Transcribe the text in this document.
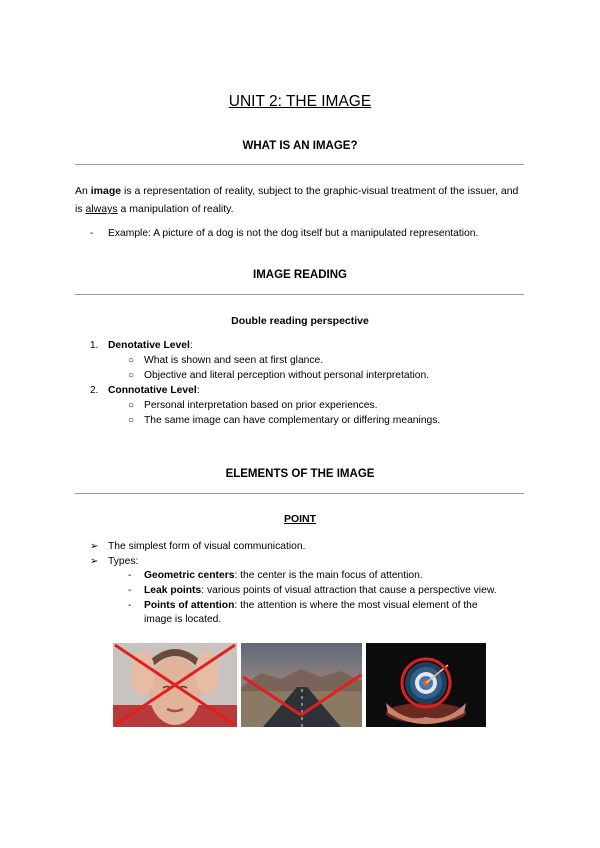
UNIT 2: THE IMAGE
WHAT IS AN IMAGE?
An image is a representation of reality, subject to the graphic-visual treatment of the issuer, and is always a manipulation of reality.
- Example: A picture of a dog is not the dog itself but a manipulated representation.
IMAGE READING
Double reading perspective
1. Denotative Level:
○ What is shown and seen at first glance.
○ Objective and literal perception without personal interpretation.
2. Connotative Level:
○ Personal interpretation based on prior experiences.
○ The same image can have complementary or differing meanings.
ELEMENTS OF THE IMAGE
POINT
➢ The simplest form of visual communication.
➢ Types:
- Geometric centers: the center is the main focus of attention.
- Leak points: various points of visual attraction that cause a perspective view.
- Points of attention: the attention is where the most visual element of the
image is located.
